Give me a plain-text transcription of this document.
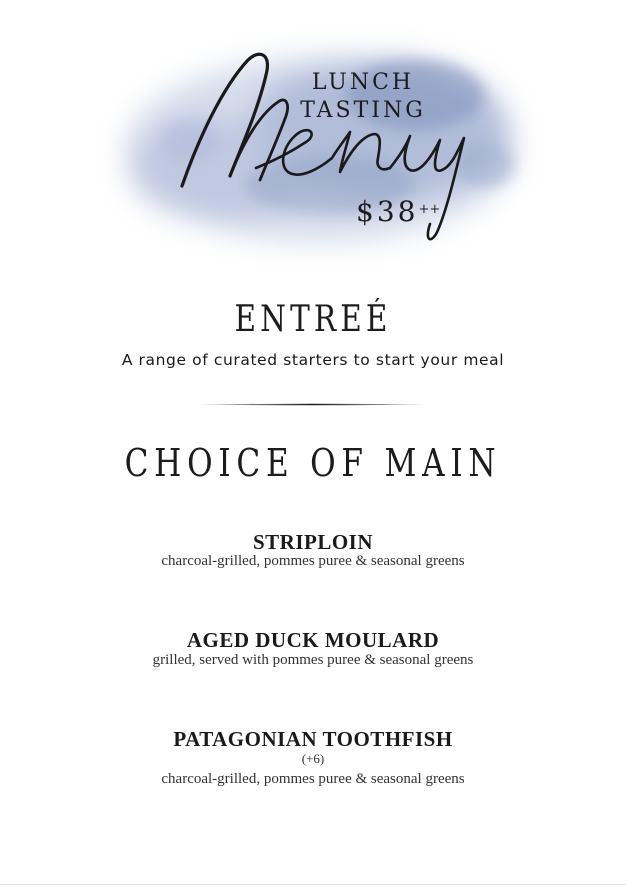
LUNCH
TASTING
$38++
ENTREÉ
A range of curated starters to start your meal
CHOICE OF MAIN
STRIPLOIN
charcoal-grilled, pommes puree & seasonal greens
AGED DUCK MOULARD
grilled, served with pommes puree & seasonal greens
PATAGONIAN TOOTHFISH
(+6)
charcoal-grilled, pommes puree & seasonal greens
